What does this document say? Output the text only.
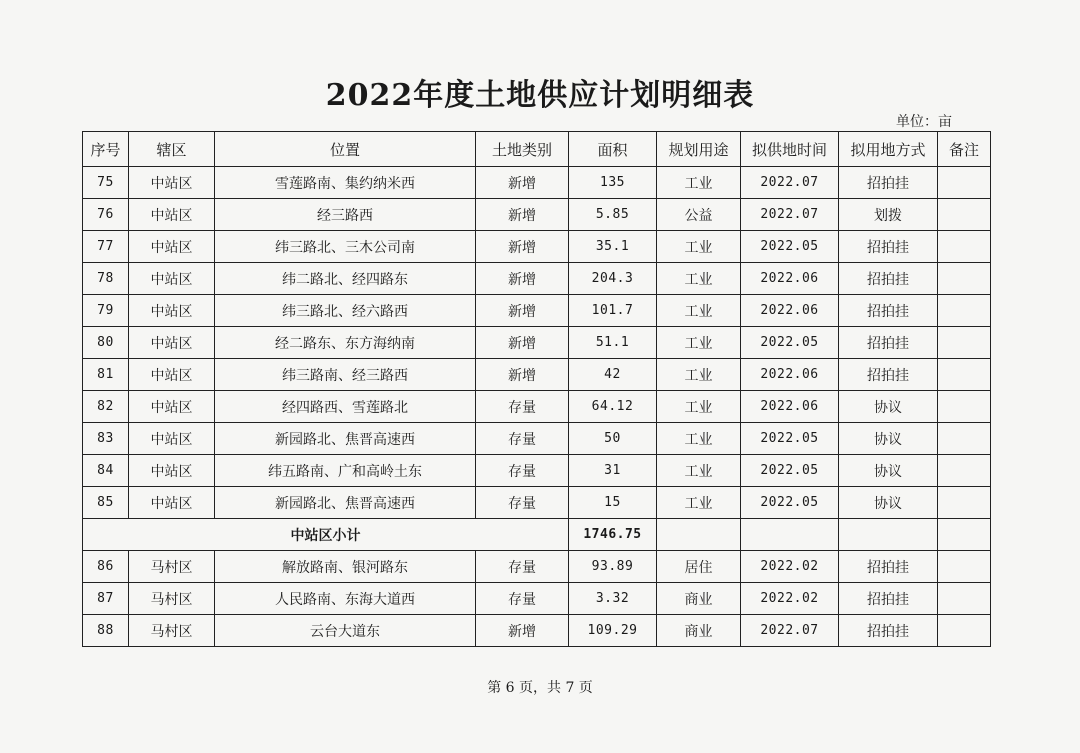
2022年度土地供应计划明细表
单位：亩
序号	辖区	位置	土地类别	面积	规划用途	拟供地时间	拟用地方式	备注
75	中站区	雪莲路南、集约纳米西	新增	135	工业	2022.07	招拍挂	
76	中站区	经三路西	新增	5.85	公益	2022.07	划拨	
77	中站区	纬三路北、三木公司南	新增	35.1	工业	2022.05	招拍挂	
78	中站区	纬二路北、经四路东	新增	204.3	工业	2022.06	招拍挂	
79	中站区	纬三路北、经六路西	新增	101.7	工业	2022.06	招拍挂	
80	中站区	经二路东、东方海纳南	新增	51.1	工业	2022.05	招拍挂	
81	中站区	纬三路南、经三路西	新增	42	工业	2022.06	招拍挂	
82	中站区	经四路西、雪莲路北	存量	64.12	工业	2022.06	协议	
83	中站区	新园路北、焦晋高速西	存量	50	工业	2022.05	协议	
84	中站区	纬五路南、广和高岭土东	存量	31	工业	2022.05	协议	
85	中站区	新园路北、焦晋高速西	存量	15	工业	2022.05	协议	
中站区小计				1746.75				
86	马村区	解放路南、银河路东	存量	93.89	居住	2022.02	招拍挂	
87	马村区	人民路南、东海大道西	存量	3.32	商业	2022.02	招拍挂	
88	马村区	云台大道东	新增	109.29	商业	2022.07	招拍挂	
第 6 页，共 7 页
